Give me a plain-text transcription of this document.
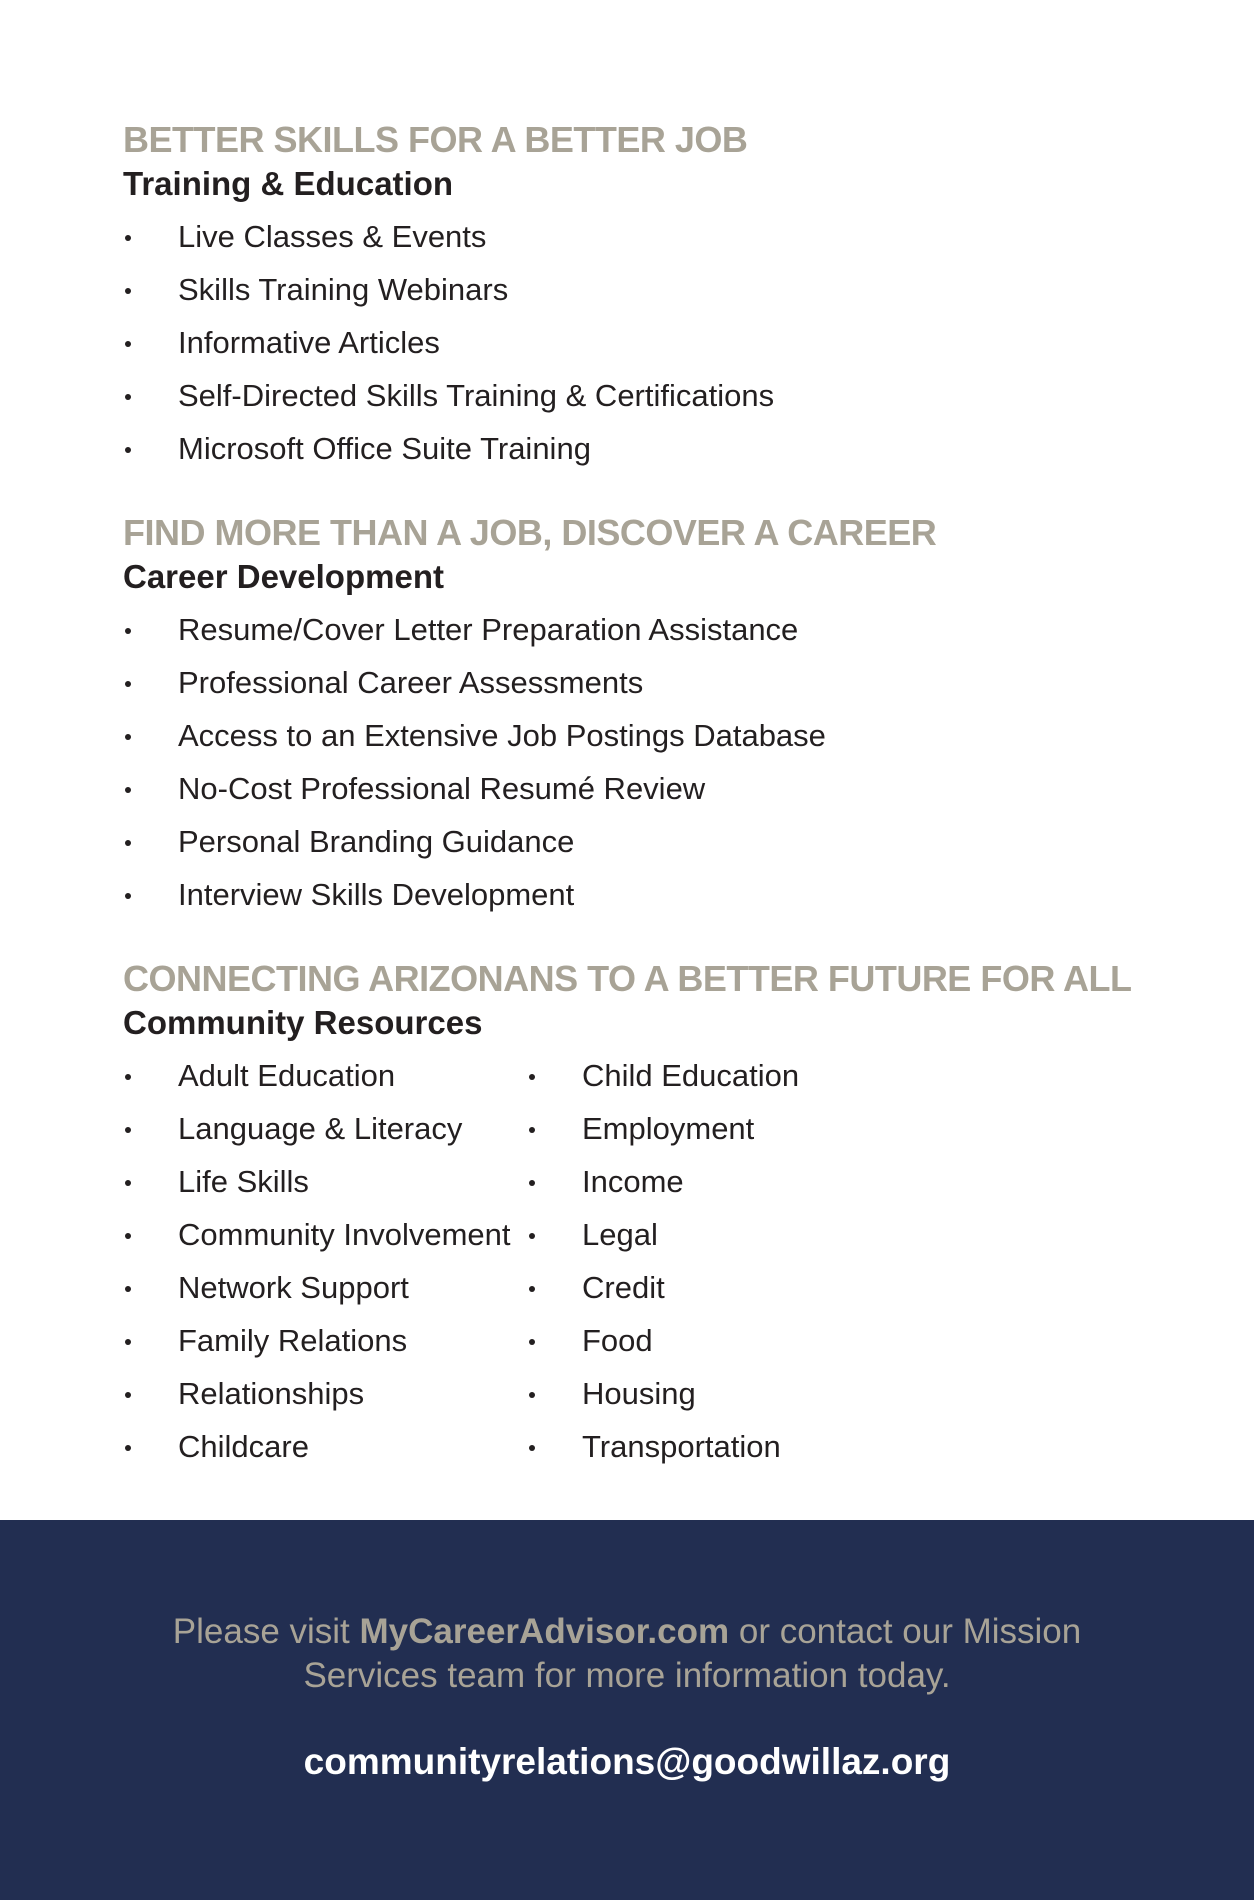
BETTER SKILLS FOR A BETTER JOB
Training & Education
Live Classes & Events
Skills Training Webinars
Informative Articles
Self-Directed Skills Training & Certifications
Microsoft Office Suite Training
FIND MORE THAN A JOB, DISCOVER A CAREER
Career Development
Resume/Cover Letter Preparation Assistance
Professional Career Assessments
Access to an Extensive Job Postings Database
No-Cost Professional Resumé Review
Personal Branding Guidance
Interview Skills Development
CONNECTING ARIZONANS TO A BETTER FUTURE FOR ALL
Community Resources
Adult Education
Language & Literacy
Life Skills
Community Involvement
Network Support
Family Relations
Relationships
Childcare
Child Education
Employment
Income
Legal
Credit
Food
Housing
Transportation
Please visit MyCareerAdvisor.com or contact our Mission Services team for more information today.
communityrelations@goodwillaz.org
